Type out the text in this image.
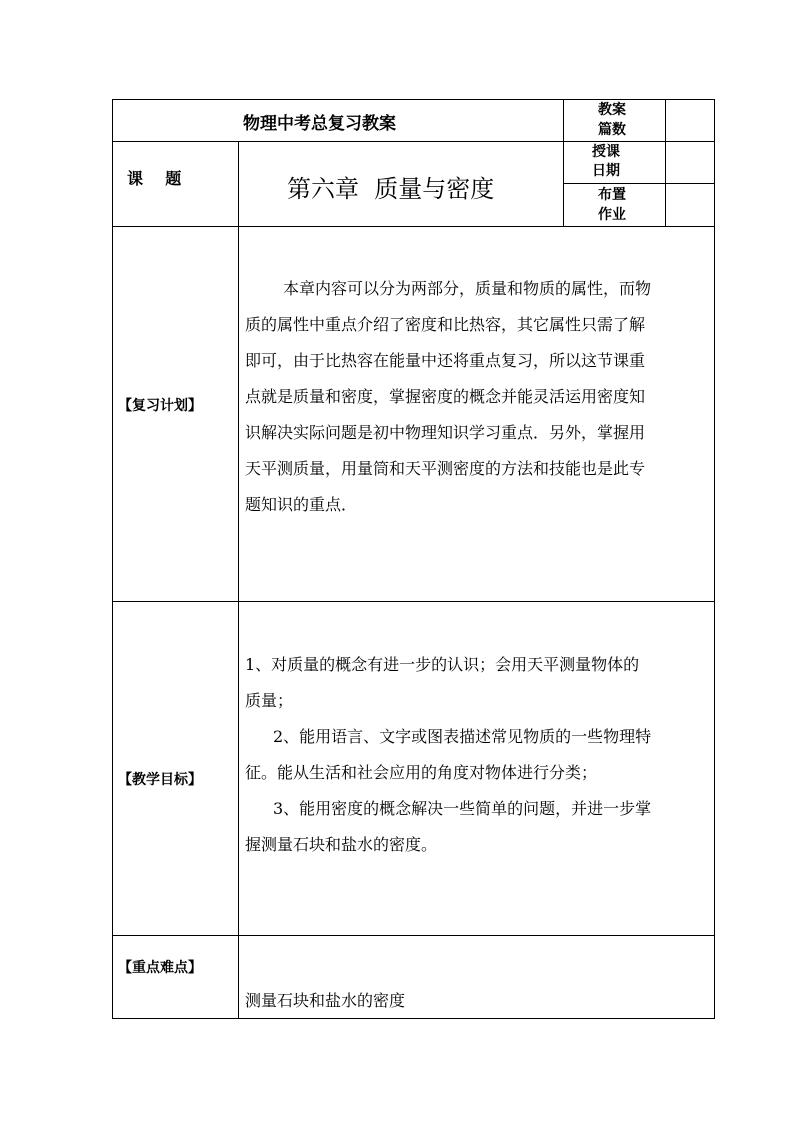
物理中考总复习教案
教案
篇数
课    题	第六章  质量与密度
授课
日期
布置
作业
【复习计划】

本章内容可以分为两部分，质量和物质的属性，而物

质的属性中重点介绍了密度和比热容，其它属性只需了解

即可，由于比热容在能量中还将重点复习，所以这节课重

点就是质量和密度，掌握密度的概念并能灵活运用密度知

识解决实际问题是初中物理知识学习重点．另外，掌握用

天平测质量，用量筒和天平测密度的方法和技能也是此专

题知识的重点．

【教学目标】

1、对质量的概念有进一步的认识；会用天平测量物体的

质量；

2、能用语言、文字或图表描述常见物质的一些物理特

征。能从生活和社会应用的角度对物体进行分类；

3、能用密度的概念解决一些简单的问题，并进一步掌

握测量石块和盐水的密度。

【重点难点】
测量石块和盐水的密度
